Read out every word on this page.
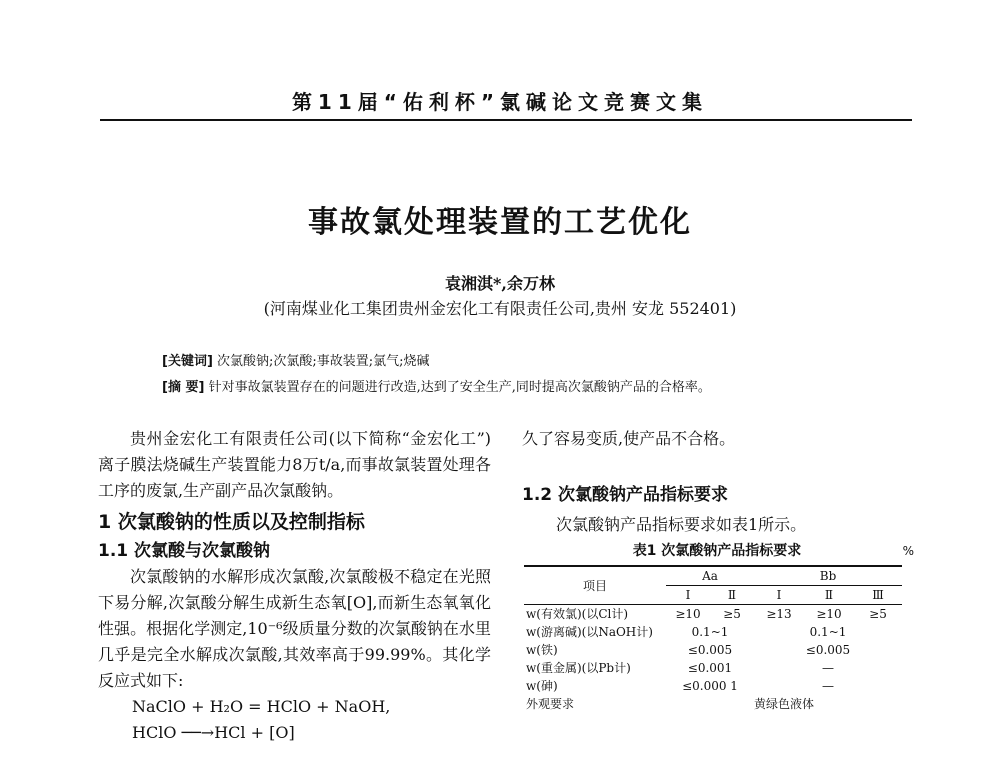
第11届“佑利杯”氯碱论文竞赛文集
事故氯处理装置的工艺优化
袁湘淇*,余万林
(河南煤业化工集团贵州金宏化工有限责任公司,贵州 安龙 552401)
[关键词] 次氯酸钠;次氯酸;事故装置;氯气;烧碱
[摘 要] 针对事故氯装置存在的问题进行改造,达到了安全生产,同时提高次氯酸钠产品的合格率。
贵州金宏化工有限责任公司(以下简称“金宏化工”)离子膜法烧碱生产装置能力8万t/a,而事故氯装置处理各工序的废氯,生产副产品次氯酸钠。
1 次氯酸钠的性质以及控制指标
1.1 次氯酸与次氯酸钠
次氯酸钠的水解形成次氯酸,次氯酸极不稳定在光照下易分解,次氯酸分解生成新生态氧[O],而新生态氧氧化性强。根据化学测定,10⁻⁶级质量分数的次氯酸钠在水里几乎是完全水解成次氯酸,其效率高于99.99%。其化学反应式如下:
NaClO + H₂O = HClO + NaOH,
HClO ──→HCl + [O]
久了容易变质,使产品不合格。
1.2 次氯酸钠产品指标要求
次氯酸钠产品指标要求如表1所示。
表1 次氯酸钠产品指标要求	%
项目	Aa		Bb		
	Ⅰ	Ⅱ	Ⅰ	Ⅱ	Ⅲ
w(有效氯)(以Cl计)	≥10	≥5	≥13	≥10	≥5
w(游离碱)(以NaOH计)	0.1~1		0.1~1		
w(铁)	≤0.005		≤0.005		
w(重金属)(以Pb计)	≤0.001		—		
w(砷)	≤0.000 1		—		
外观要求	黄绿色液体				
